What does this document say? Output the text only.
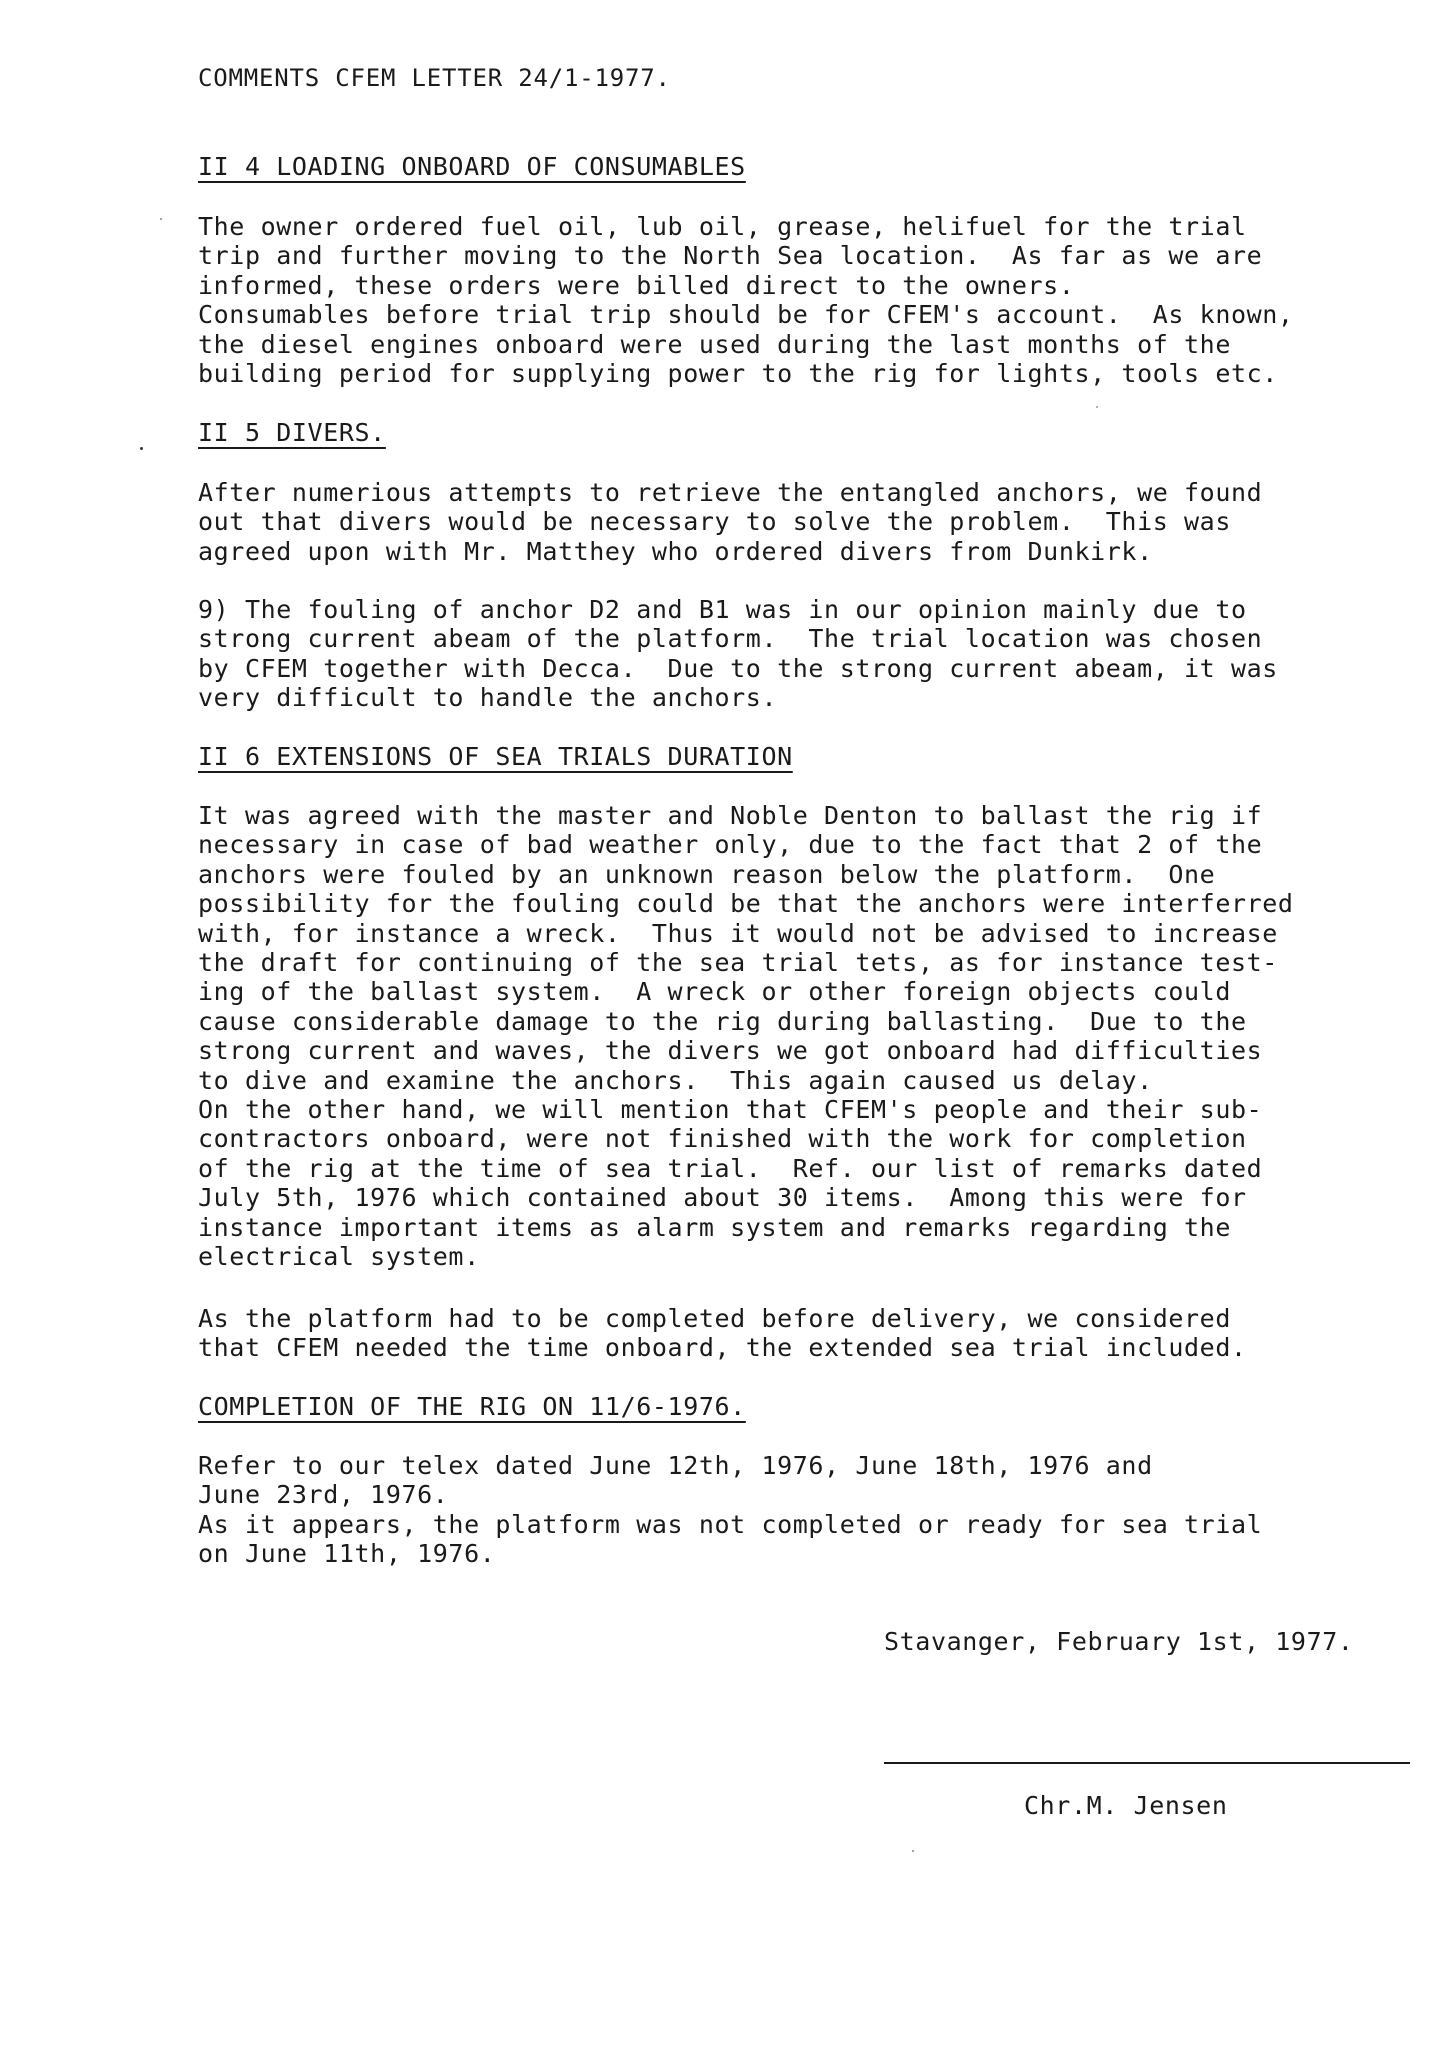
COMMENTS CFEM LETTER 24/1-1977.
II 4 LOADING ONBOARD OF CONSUMABLES
The owner ordered fuel oil, lub oil, grease, helifuel for the trial
trip and further moving to the North Sea location.  As far as we are
informed, these orders were billed direct to the owners.
Consumables before trial trip should be for CFEM's account.  As known,
the diesel engines onboard were used during the last months of the
building period for supplying power to the rig for lights, tools etc.
II 5 DIVERS.
After numerious attempts to retrieve the entangled anchors, we found
out that divers would be necessary to solve the problem.  This was
agreed upon with Mr. Matthey who ordered divers from Dunkirk.
9) The fouling of anchor D2 and B1 was in our opinion mainly due to
strong current abeam of the platform.  The trial location was chosen
by CFEM together with Decca.  Due to the strong current abeam, it was
very difficult to handle the anchors.
II 6 EXTENSIONS OF SEA TRIALS DURATION
It was agreed with the master and Noble Denton to ballast the rig if
necessary in case of bad weather only, due to the fact that 2 of the
anchors were fouled by an unknown reason below the platform.  One
possibility for the fouling could be that the anchors were interferred
with, for instance a wreck.  Thus it would not be advised to increase
the draft for continuing of the sea trial tets, as for instance test-
ing of the ballast system.  A wreck or other foreign objects could
cause considerable damage to the rig during ballasting.  Due to the
strong current and waves, the divers we got onboard had difficulties
to dive and examine the anchors.  This again caused us delay.
On the other hand, we will mention that CFEM's people and their sub-
contractors onboard, were not finished with the work for completion
of the rig at the time of sea trial.  Ref. our list of remarks dated
July 5th, 1976 which contained about 30 items.  Among this were for
instance important items as alarm system and remarks regarding the
electrical system.
As the platform had to be completed before delivery, we considered
that CFEM needed the time onboard, the extended sea trial included.
COMPLETION OF THE RIG ON 11/6-1976.
Refer to our telex dated June 12th, 1976, June 18th, 1976 and
June 23rd, 1976.
As it appears, the platform was not completed or ready for sea trial
on June 11th, 1976.
Stavanger, February 1st, 1977.
Chr.M. Jensen
